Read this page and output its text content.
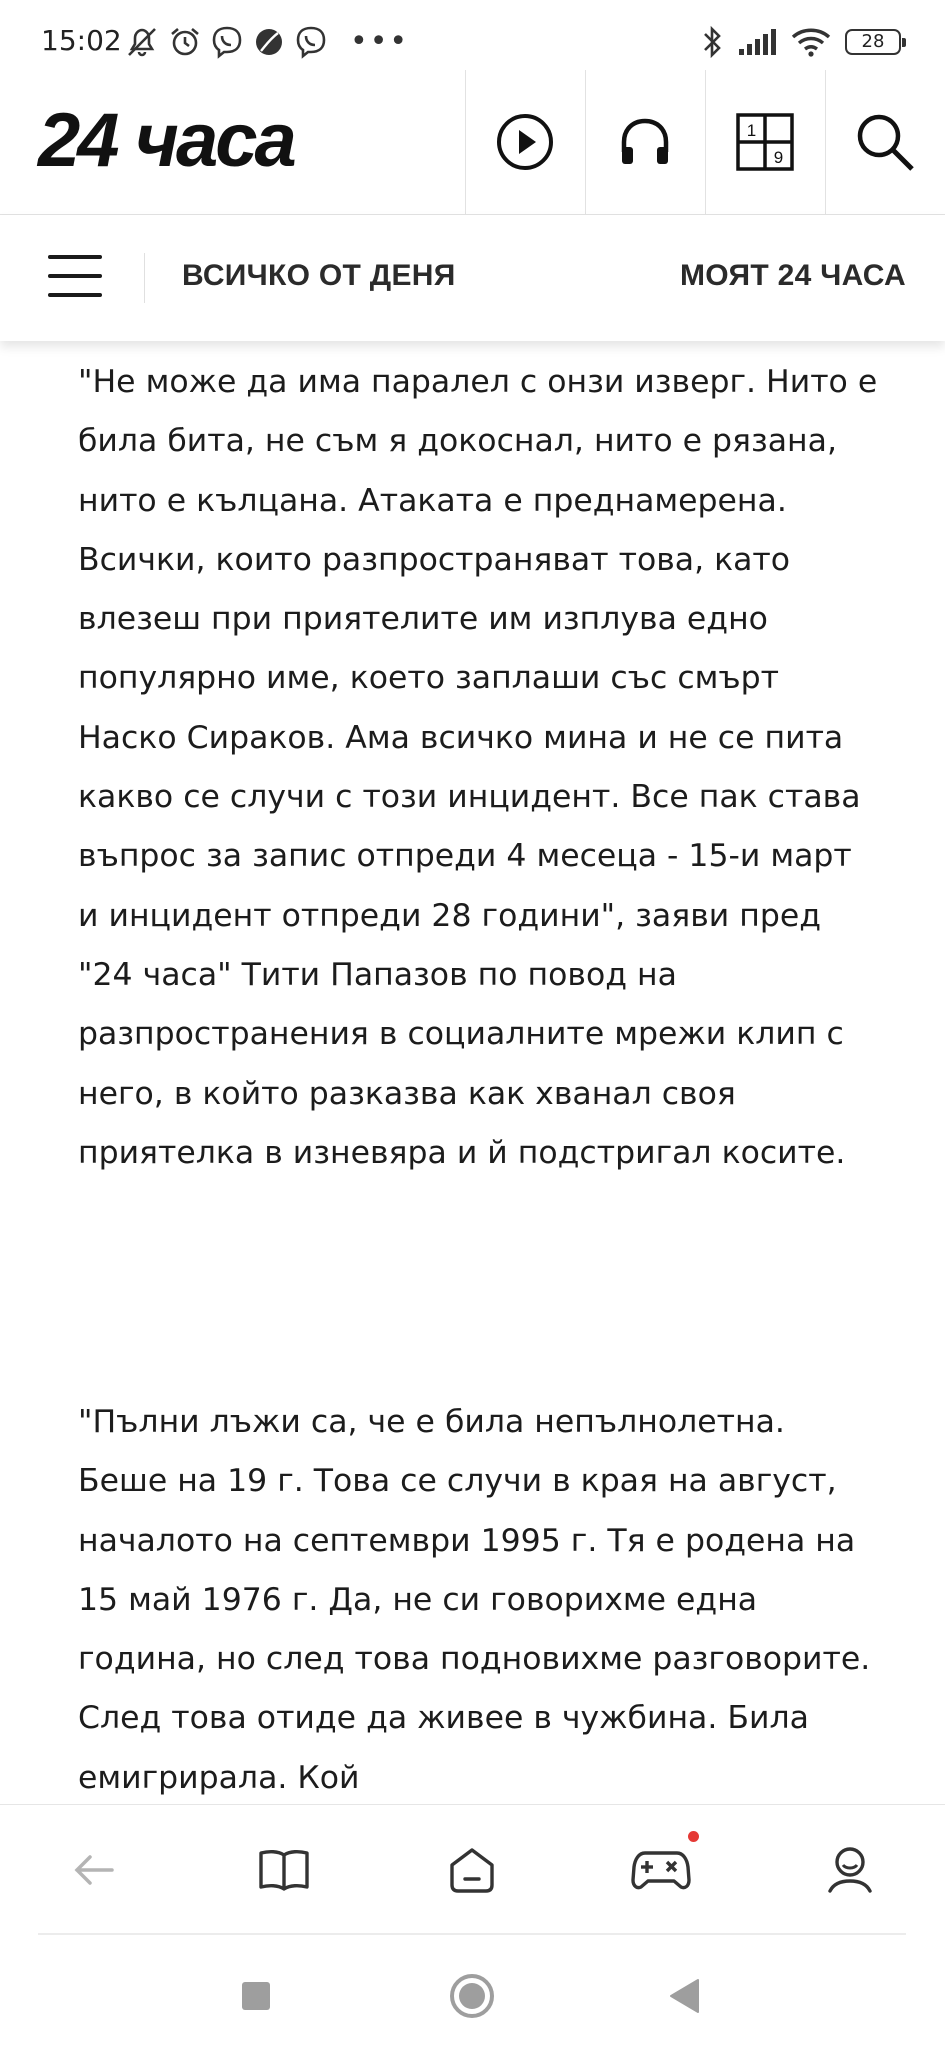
15:02	•••	28
24 часа	1
9
ВСИЧКО ОТ ДЕНЯ	МОЯТ 24 ЧАСА

"Не може да има паралел с онзи изверг. Нито е била бита, не съм я докоснал, нито е рязана, нито е кълцана. Атаката е преднамерена. Всички, които разпространяват това, като влезеш при приятелите им изплува едно популярно име, което заплаши със смърт Наско Сираков. Ама всичко мина и не се пита какво се случи с този инцидент. Все пак става въпрос за запис отпреди 4 месеца - 15-и март и инцидент отпреди 28 години", заяви пред "24 часа" Тити Папазов по повод на разпространения в социалните мрежи клип с него, в който разказва как хванал своя приятелка в изневяра и й подстригал косите.

"Пълни лъжи са, че е била непълнолетна. Беше на 19 г. Това се случи в края на август, началото на септември 1995 г. Тя е родена на 15 май 1976 г. Да, не си говорихме една година, но след това подновихме разговорите. След това отиде да живее в чужбина. Била емигрирала. Кой
